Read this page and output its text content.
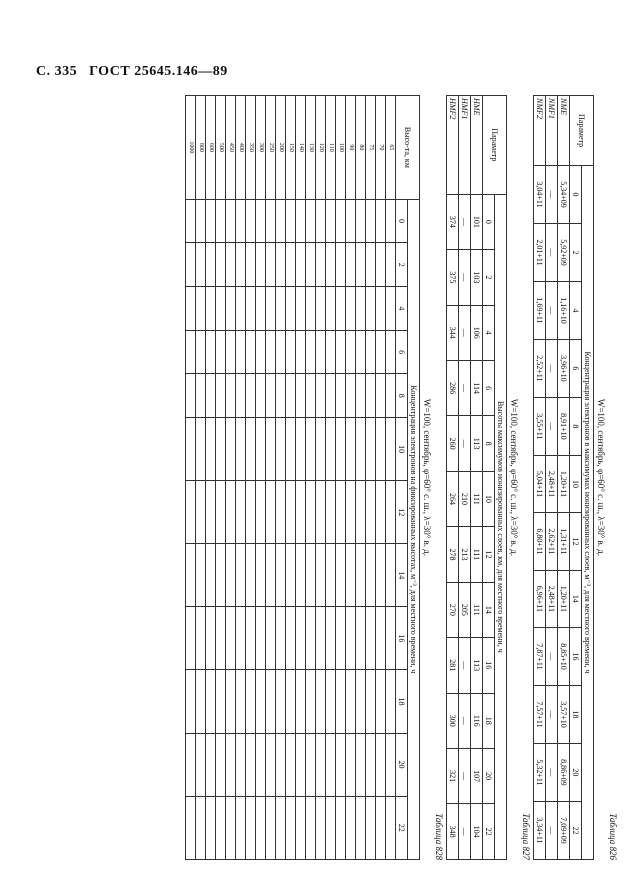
С. 335 ГОСТ 25645.146—89
Таблица 826
W=100, сентябрь, φ=60° с. ш., λ=30° в. д.
Параметр	Концентрация электронов в максимумах ионизированных слоев, м⁻³, для местного времени, ч											
	0	2	4	6	8	10	12	14	16	18	20	22
NME	5,34+09	5,92+09	1,16+10	3,96+10	8,91+10	1,20+11	1,31+11	1,20+11	8,85+10	3,57+10	8,86+09	7,09+09
NMF1	—	—	—	—	—	2,48+11	2,62+11	2,48+11	—	—	—	—
NMF2	3,04+11	2,01+11	1,69+11	2,52+11	3,55+11	5,04+11	6,80+11	6,96+11	7,87+11	7,57+11	5,32+11	3,34+11
Таблица 827
W=100, сентябрь, φ=60° с. ш., λ=30° в. д.
Параметр	Высоты максимумов ионизированных слоев, км, для местного времени, ч											
	0	2	4	6	8	10	12	14	16	18	20	22
HME	101	103	106	114	113	111	111	111	113	116	107	104
HMF1	—	—	—	—	—	210	213	205	—	—	—	—
HMF2	374	375	344	286	260	264	278	270	281	300	321	348
Таблица 828
W=100, сентябрь, φ=60° с. ш., λ=30° в. д.
Высо-та, км	Концентрация электронов на фиксированных высотах, м⁻³, для местного времени, ч											
	0	2	4	6	8	10	12	14	16	18	20	22
65												
70												
75												
80												
90												
100												
110												
120												
130												
140												
150												
200												
250												
300												
350												
400												
450												
500												
600												
800												
1000												
